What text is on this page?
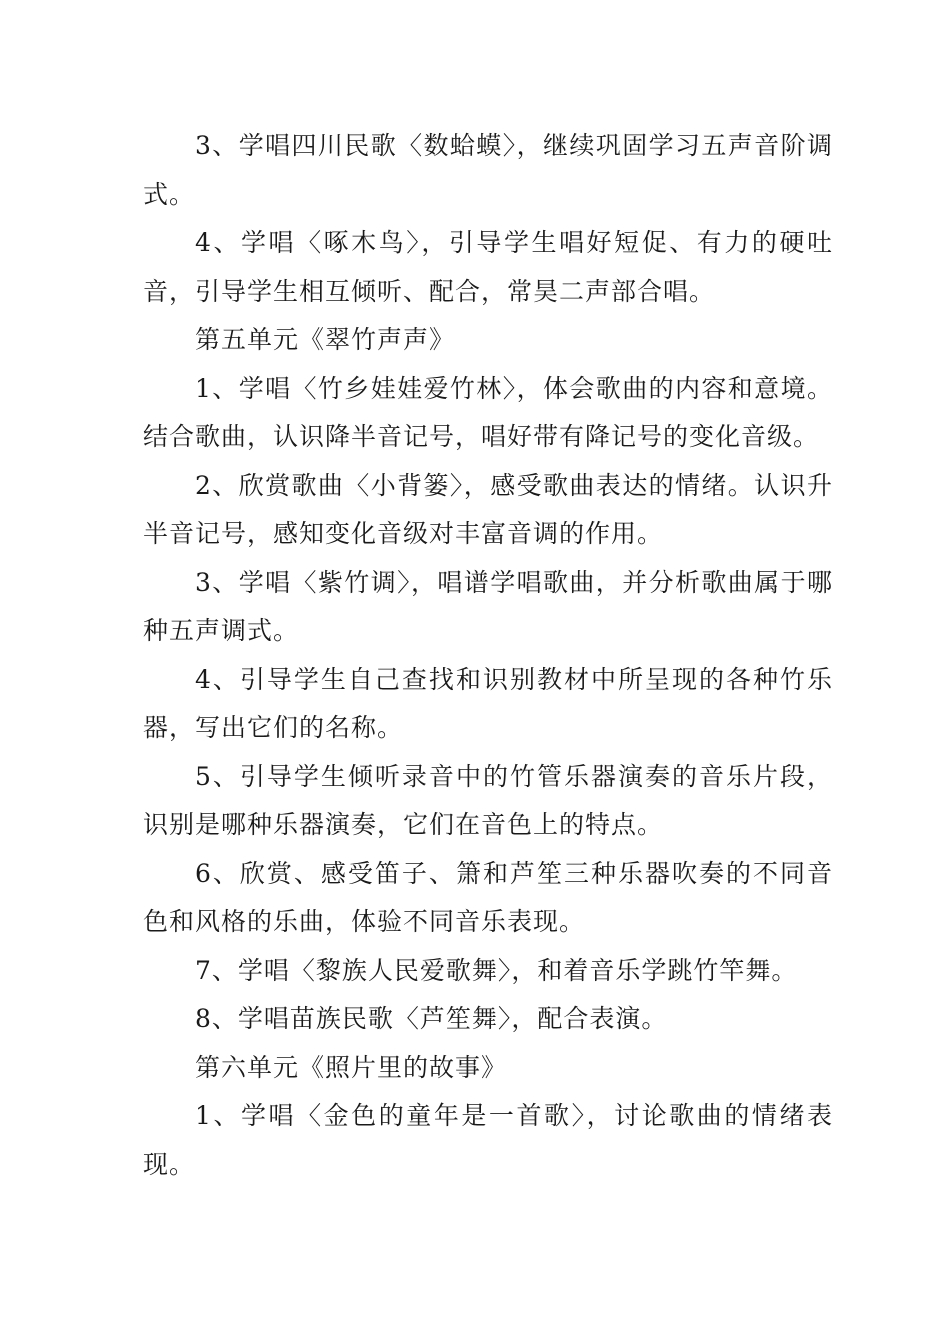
3、学唱四川民歌〈数蛤蟆〉，继续巩固学习五声音阶调式。

4、学唱〈啄木鸟〉，引导学生唱好短促、有力的硬吐音，引导学生相互倾听、配合，常昊二声部合唱。

第五单元《翠竹声声》

1、学唱〈竹乡娃娃爱竹林〉，体会歌曲的内容和意境。结合歌曲，认识降半音记号，唱好带有降记号的变化音级。

2、欣赏歌曲〈小背篓〉，感受歌曲表达的情绪。认识升半音记号，感知变化音级对丰富音调的作用。

3、学唱〈紫竹调〉，唱谱学唱歌曲，并分析歌曲属于哪种五声调式。

4、引导学生自己查找和识别教材中所呈现的各种竹乐器，写出它们的名称。

5、引导学生倾听录音中的竹管乐器演奏的音乐片段，识别是哪种乐器演奏，它们在音色上的特点。

6、欣赏、感受笛子、箫和芦笙三种乐器吹奏的不同音色和风格的乐曲，体验不同音乐表现。

7、学唱〈黎族人民爱歌舞〉，和着音乐学跳竹竿舞。

8、学唱苗族民歌〈芦笙舞〉，配合表演。

第六单元《照片里的故事》

1、学唱〈金色的童年是一首歌〉，讨论歌曲的情绪表现。
